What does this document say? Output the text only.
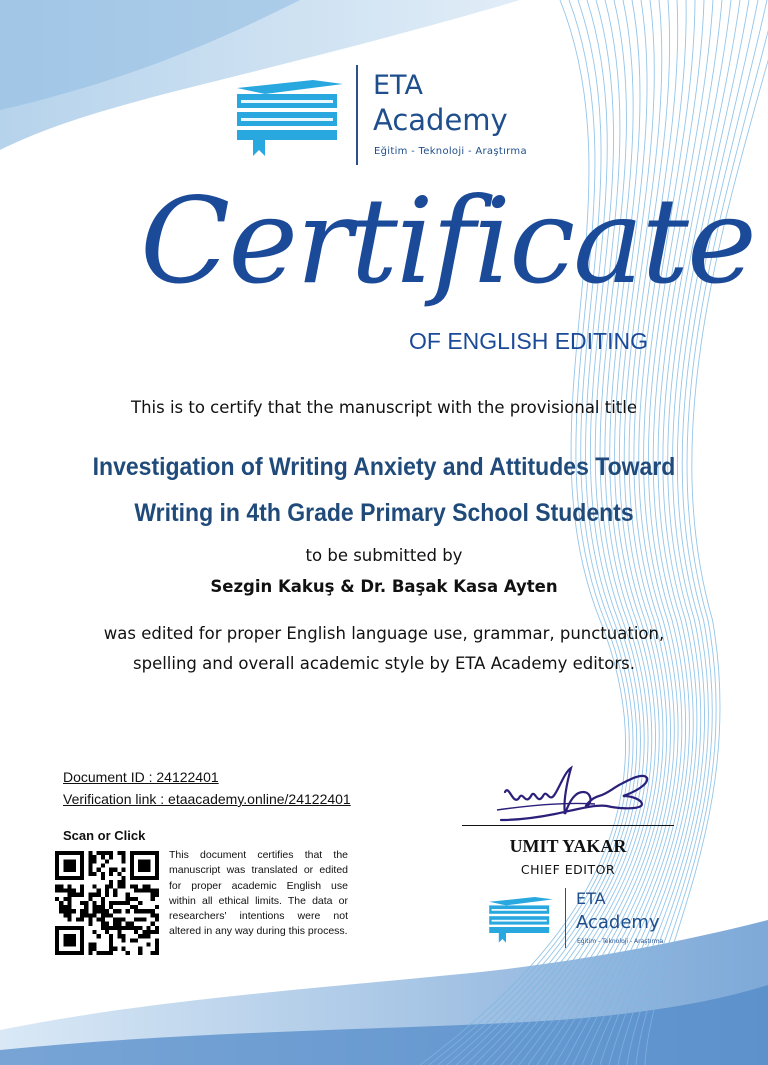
ETA
Academy
Eğitim - Teknoloji - Araştırma
Certificate
OF ENGLISH EDITING
This is to certify that the manuscript with the provisional title
Investigation of Writing Anxiety and Attitudes Toward
Writing in 4th Grade Primary School Students
to be submitted by
Sezgin Kakuş & Dr. Başak Kasa Ayten
was edited for proper English language use, grammar, punctuation,
spelling and overall academic style by ETA Academy editors.
Document ID : 24122401
Verification link : etaacademy.online/24122401
Scan or Click
This document certifies that the manuscript was translated or edited for proper academic English use within all ethical limits. The data or researchers' intentions were not altered in any way during this process.
UMIT YAKAR
CHIEF EDITOR
ETA
Academy
Eğitim - Teknoloji - Araştırma
